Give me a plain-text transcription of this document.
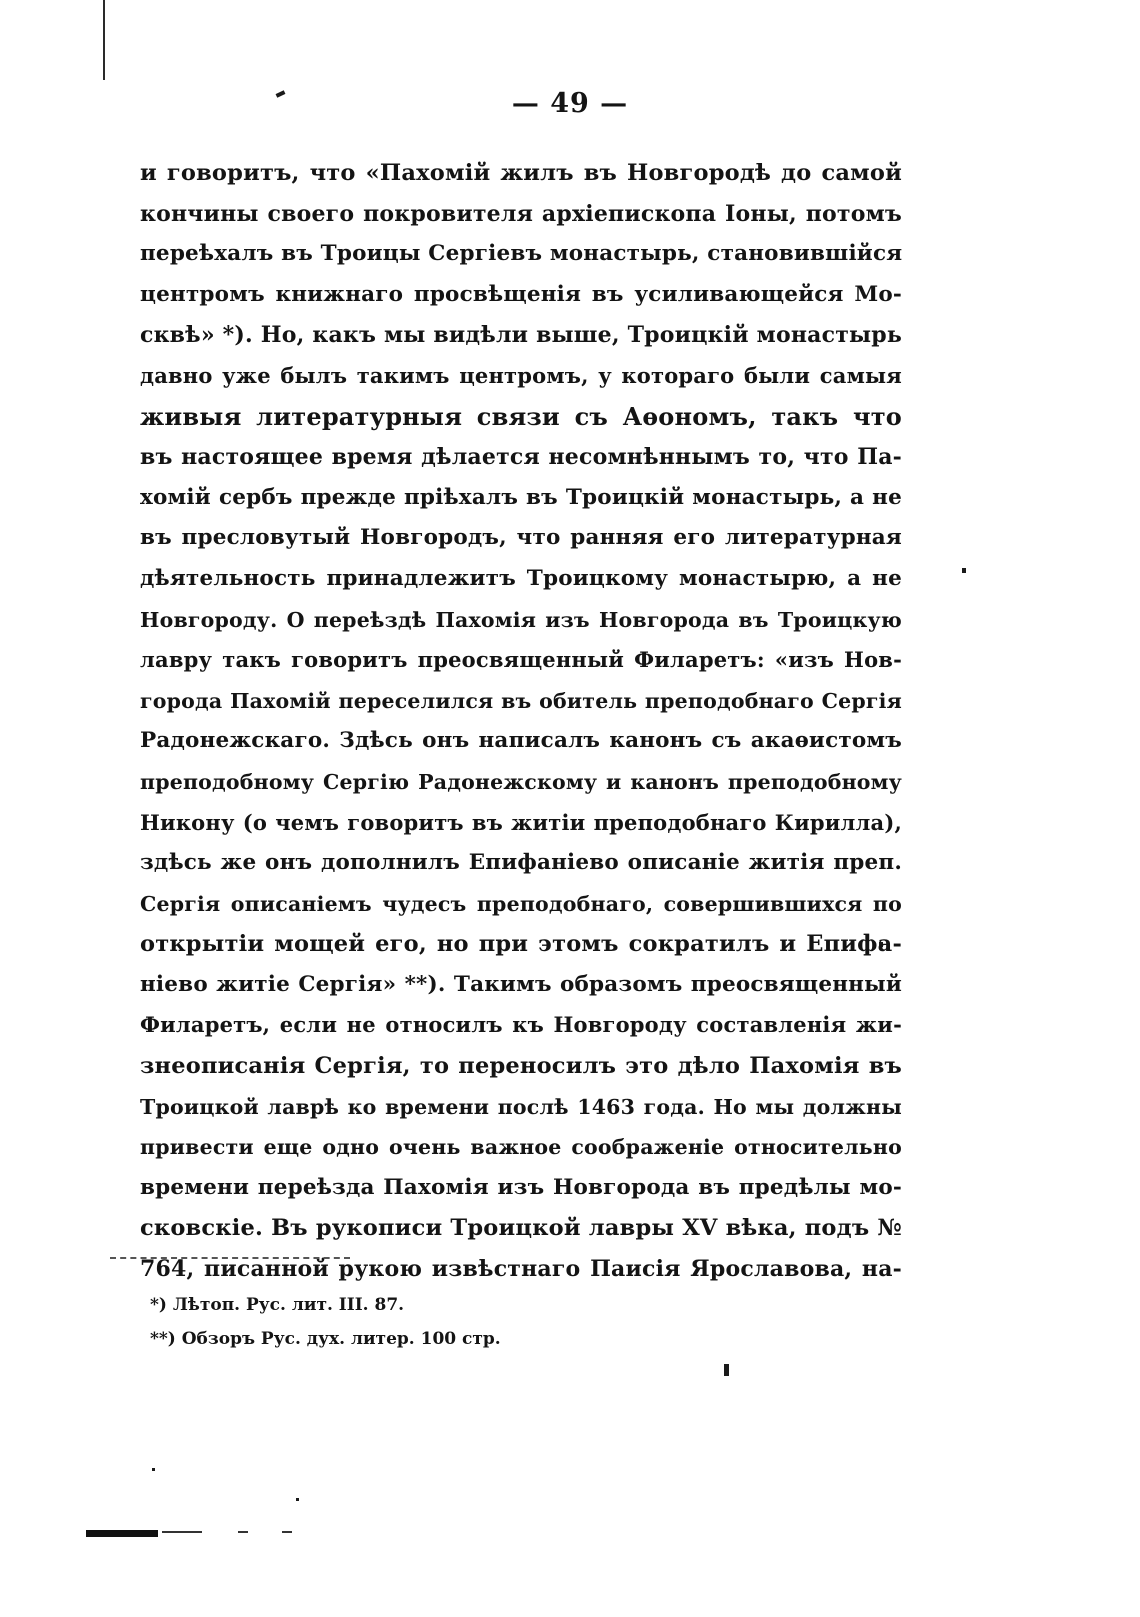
— 49 —
и говоритъ, что «Пахомій жилъ въ Новгородѣ до самой
кончины своего покровителя архіепископа Іоны, потомъ
переѣхалъ въ Троицы Сергіевъ монастырь, становившійся
центромъ книжнаго просвѣщенія въ усиливающейся Мо-
сквѣ» *). Но, какъ мы видѣли выше, Троицкій монастырь
давно уже былъ такимъ центромъ, у котораго были самыя
живыя литературныя связи съ Аѳономъ, такъ что
въ настоящее время дѣлается несомнѣннымъ то, что Па-
хомій сербъ прежде пріѣхалъ въ Троицкій монастырь, а не
въ пресловутый Новгородъ, что ранняя его литературная
дѣятельность принадлежитъ Троицкому монастырю, а не
Новгороду. О переѣздѣ Пахомія изъ Новгорода въ Троицкую
лавру такъ говоритъ преосвященный Филаретъ: «изъ Нов-
города Пахомій переселился въ обитель преподобнаго Сергія
Радонежскаго. Здѣсь онъ написалъ канонъ съ акаѳистомъ
преподобному Сергію Радонежскому и канонъ преподобному
Никону (о чемъ говоритъ въ житіи преподобнаго Кирилла),
здѣсь же онъ дополнилъ Епифаніево описаніе житія преп.
Сергія описаніемъ чудесъ преподобнаго, совершившихся по
открытіи мощей его, но при этомъ сократилъ и Епифа-
ніево житіе Сергія» **). Такимъ образомъ преосвященный
Филаретъ, если не относилъ къ Новгороду составленія жи-
знеописанія Сергія, то переносилъ это дѣло Пахомія въ
Троицкой лаврѣ ко времени послѣ 1463 года. Но мы должны
привести еще одно очень важное соображеніе относительно
времени переѣзда Пахомія изъ Новгорода въ предѣлы мо-
сковскіе. Въ рукописи Троицкой лавры XV вѣка, подъ №
764, писанной рукою извѣстнаго Паисія Ярославова, на-
*) Лѣтоп. Рус. лит. III. 87.
**) Обзоръ Рус. дух. литер. 100 стр.
